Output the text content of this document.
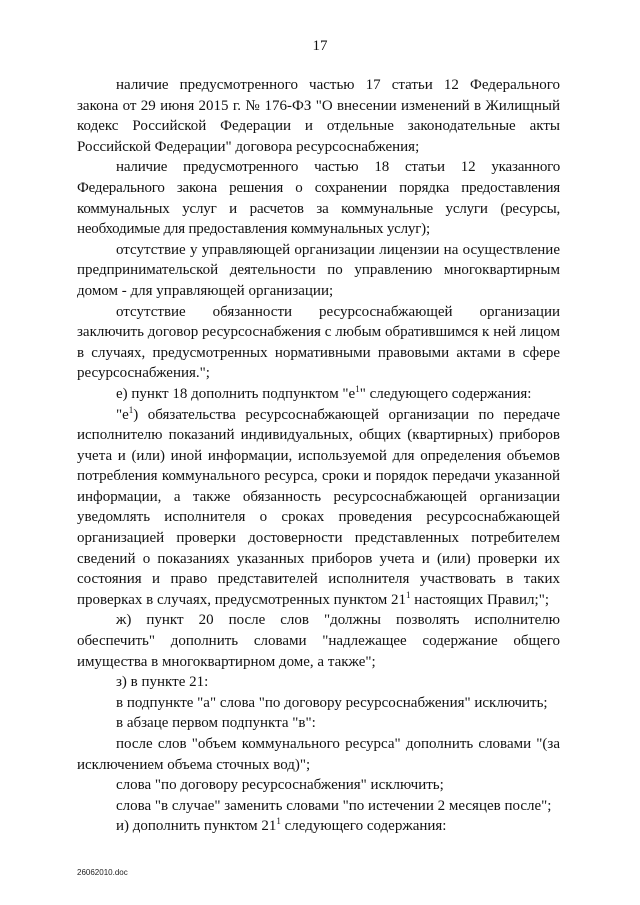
17

наличие предусмотренного частью 17 статьи 12 Федерального закона от 29 июня 2015 г. № 176-ФЗ "О внесении изменений в Жилищный кодекс Российской Федерации и отдельные законодательные акты Российской Федерации" договора ресурсоснабжения;

наличие предусмотренного частью 18 статьи 12 указанного Федерального закона решения о сохранении порядка предоставления коммунальных услуг и расчетов за коммунальные услуги (ресурсы, необходимые для предоставления коммунальных услуг);

отсутствие у управляющей организации лицензии на осуществление предпринимательской деятельности по управлению многоквартирным домом - для управляющей организации;

отсутствие обязанности ресурсоснабжающей организации заключить договор ресурсоснабжения с любым обратившимся к ней лицом в случаях, предусмотренных нормативными правовыми актами в сфере ресурсоснабжения.";

е) пункт 18 дополнить подпунктом "$е^1$" следующего содержания:

"$е^1$) обязательства ресурсоснабжающей организации по передаче исполнителю показаний индивидуальных, общих (квартирных) приборов учета и (или) иной информации, используемой для определения объемов потребления коммунального ресурса, сроки и порядок передачи указанной информации, а также обязанность ресурсоснабжающей организации уведомлять исполнителя о сроках проведения ресурсоснабжающей организацией проверки достоверности представленных потребителем сведений о показаниях указанных приборов учета и (или) проверки их состояния и право представителей исполнителя участвовать в таких проверках в случаях, предусмотренных пунктом $21^1$ настоящих Правил;";

ж) пункт 20 после слов "должны позволять исполнителю обеспечить" дополнить словами "надлежащее содержание общего имущества в многоквартирном доме, а также";

з) в пункте 21:

в подпункте "а" слова "по договору ресурсоснабжения" исключить;

в абзаце первом подпункта "в":

после слов "объем коммунального ресурса" дополнить словами "(за исключением объема сточных вод)";

слова "по договору ресурсоснабжения" исключить;

слова "в случае" заменить словами "по истечении 2 месяцев после";

и) дополнить пунктом $21^1$ следующего содержания:

26062010.doc
